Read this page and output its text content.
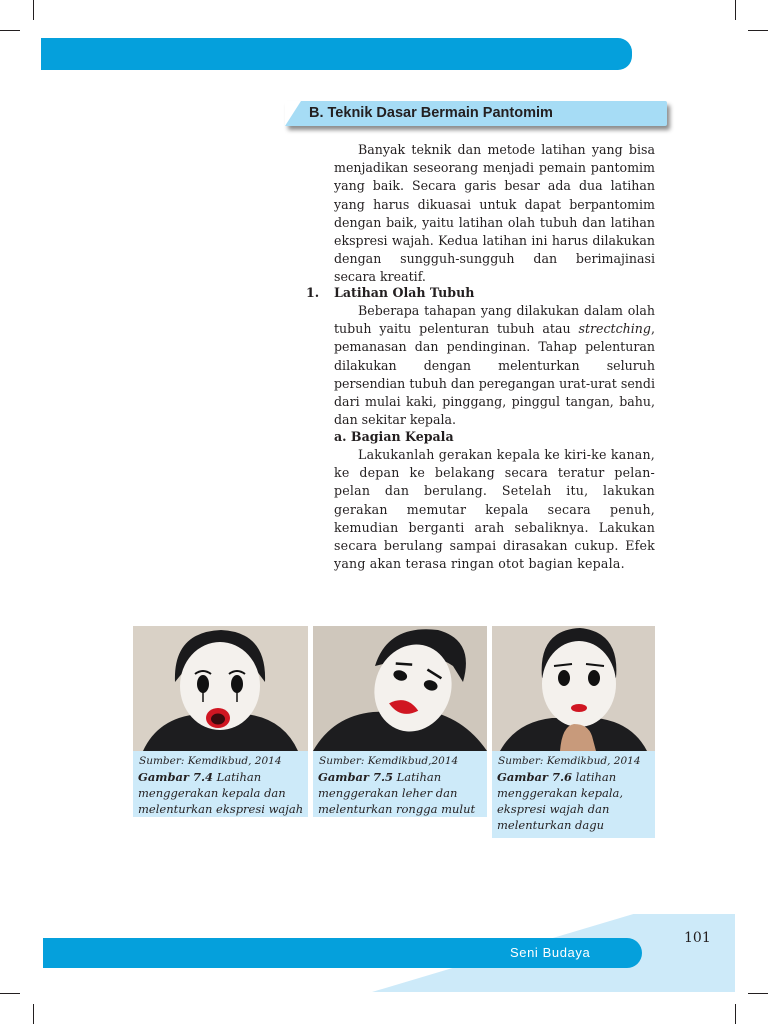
B. Teknik Dasar Bermain Pantomim

Banyak teknik dan metode latihan yang bisa menjadikan seseorang menjadi pemain pantomim yang baik. Secara garis besar ada dua latihan yang harus dikuasai untuk dapat berpantomim dengan baik, yaitu latihan olah tubuh dan latihan ekspresi wajah. Kedua latihan ini harus dilakukan dengan sungguh-sungguh dan berimajinasi secara kreatif.

1. Latihan Olah Tubuh

Beberapa tahapan yang dilakukan dalam olah tubuh yaitu pelenturan tubuh atau strectching, pemanasan dan pendinginan. Tahap pelenturan dilakukan dengan melenturkan seluruh persendian tubuh dan peregangan urat-urat sendi dari mulai kaki, pinggang, pinggul tangan, bahu, dan sekitar kepala.

a. Bagian Kepala

Lakukanlah gerakan kepala ke kiri-ke kanan, ke depan ke belakang secara teratur pelan-pelan dan berulang. Setelah itu, lakukan gerakan memutar kepala secara penuh, kemudian berganti arah sebaliknya. Lakukan secara berulang sampai dirasakan cukup. Efek yang akan terasa ringan otot bagian kepala.

Sumber: Kemdikbud, 2014
Gambar 7.4 Latihan menggerakan kepala dan melenturkan ekspresi wajah
Sumber: Kemdikbud,2014
Gambar 7.5 Latihan menggerakan leher dan melenturkan rongga mulut
Sumber: Kemdikbud, 2014
Gambar 7.6 latihan menggerakan kepala, ekspresi wajah dan melenturkan dagu
Seni Budaya
101
